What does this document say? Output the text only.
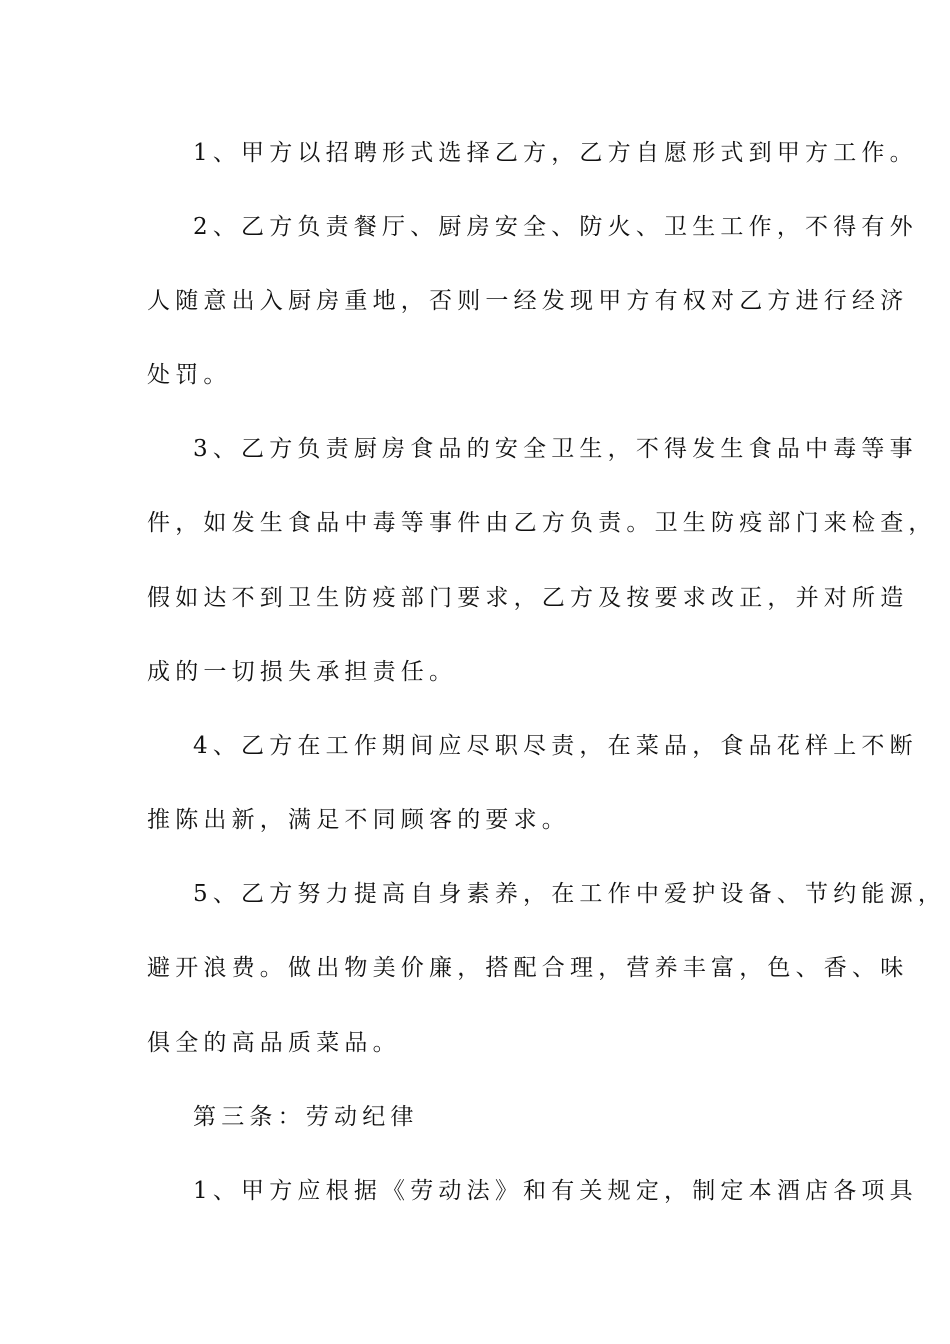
1、甲方以招聘形式选择乙方，乙方自愿形式到甲方工作。
2、乙方负责餐厅、厨房安全、防火、卫生工作，不得有外
人随意出入厨房重地，否则一经发现甲方有权对乙方进行经济
处罚。
3、乙方负责厨房食品的安全卫生，不得发生食品中毒等事
件，如发生食品中毒等事件由乙方负责。卫生防疫部门来检查，
假如达不到卫生防疫部门要求，乙方及按要求改正，并对所造
成的一切损失承担责任。
4、乙方在工作期间应尽职尽责，在菜品，食品花样上不断
推陈出新，满足不同顾客的要求。
5、乙方努力提高自身素养，在工作中爱护设备、节约能源，
避开浪费。做出物美价廉，搭配合理，营养丰富，色、香、味
俱全的高品质菜品。
第三条：劳动纪律
1、甲方应根据《劳动法》和有关规定，制定本酒店各项具
